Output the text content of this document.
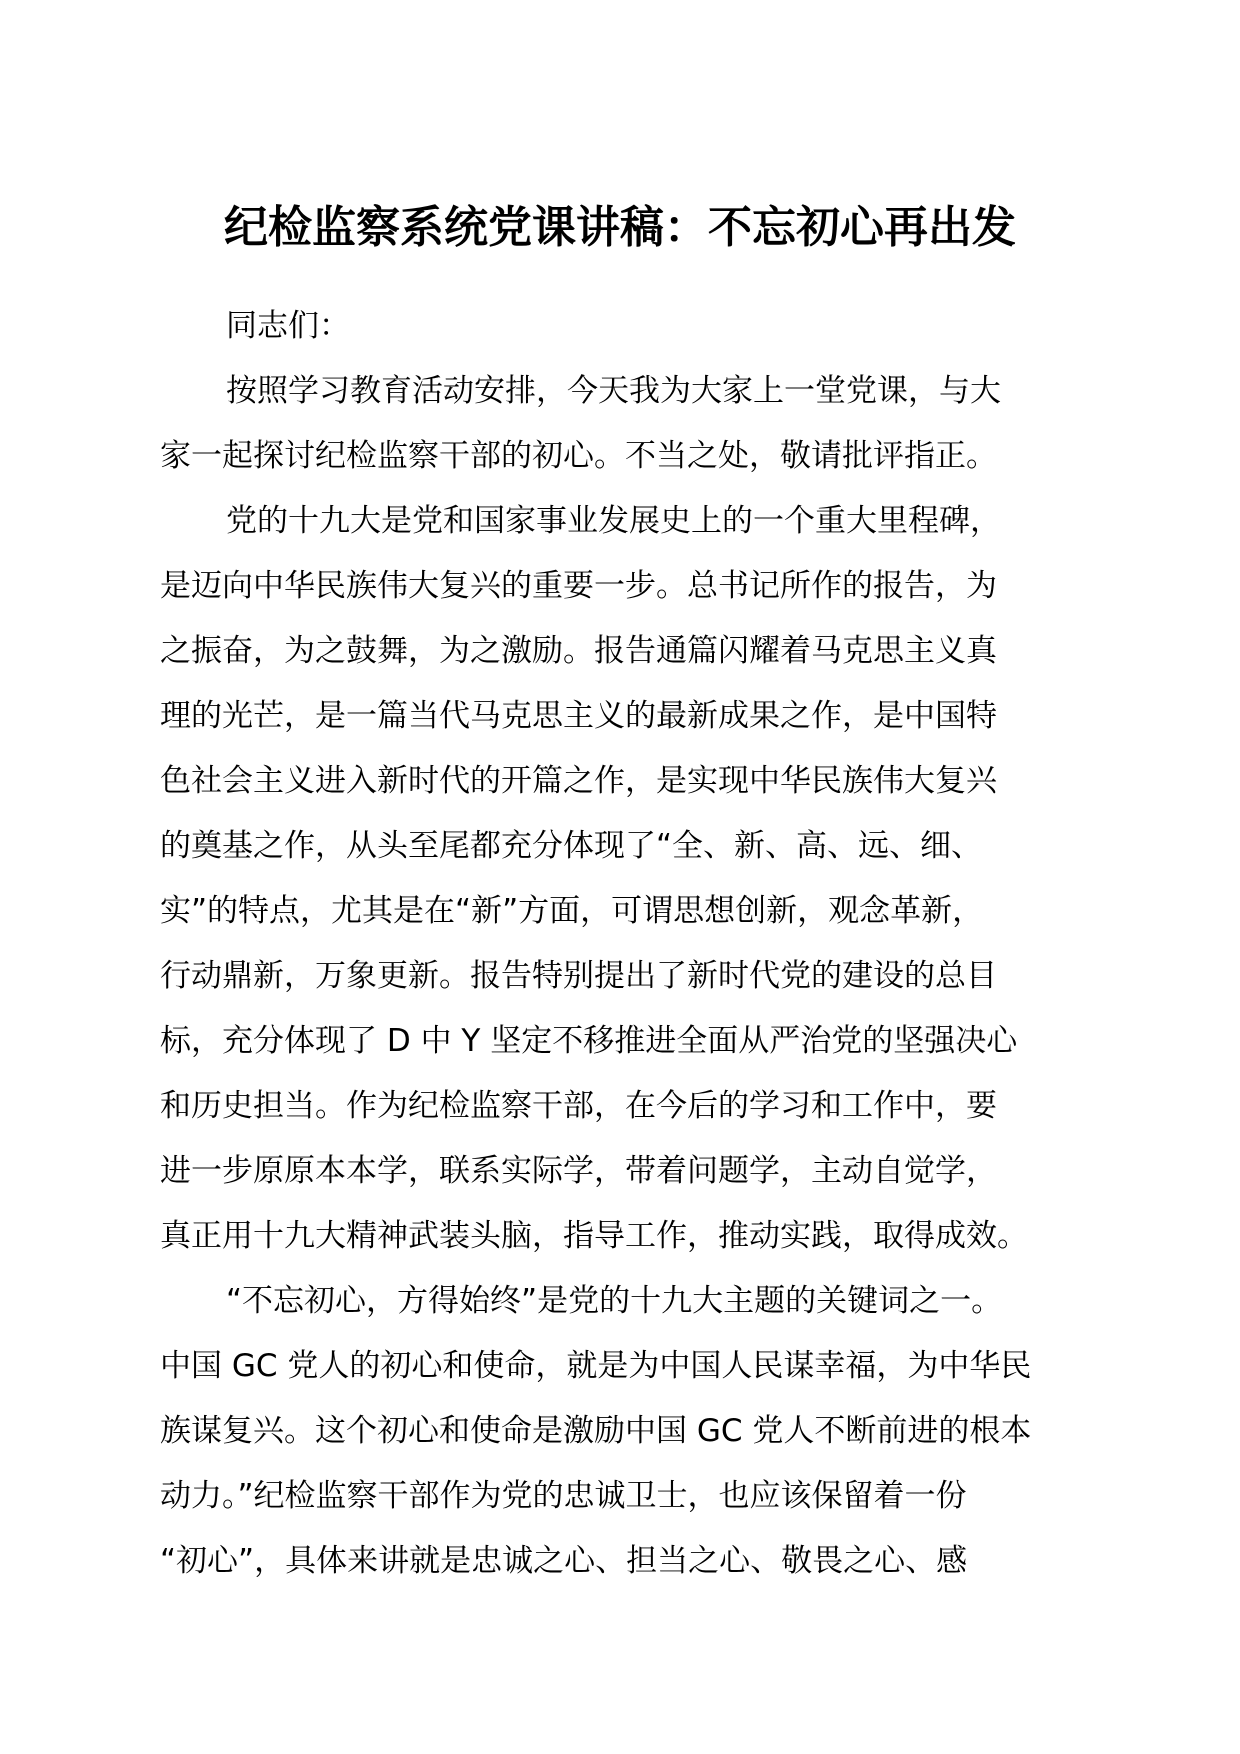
纪检监察系统党课讲稿：不忘初心再出发
同志们：
按照学习教育活动安排，今天我为大家上一堂党课，与大
家一起探讨纪检监察干部的初心。不当之处，敬请批评指正。
党的十九大是党和国家事业发展史上的一个重大里程碑，
是迈向中华民族伟大复兴的重要一步。总书记所作的报告，为
之振奋，为之鼓舞，为之激励。报告通篇闪耀着马克思主义真
理的光芒，是一篇当代马克思主义的最新成果之作，是中国特
色社会主义进入新时代的开篇之作，是实现中华民族伟大复兴
的奠基之作，从头至尾都充分体现了“全、新、高、远、细、
实”的特点，尤其是在“新”方面，可谓思想创新，观念革新，
行动鼎新，万象更新。报告特别提出了新时代党的建设的总目
标，充分体现了 D 中 Y 坚定不移推进全面从严治党的坚强决心
和历史担当。作为纪检监察干部，在今后的学习和工作中，要
进一步原原本本学，联系实际学，带着问题学，主动自觉学，
真正用十九大精神武装头脑，指导工作，推动实践，取得成效。
“不忘初心，方得始终”是党的十九大主题的关键词之一。
中国 GC 党人的初心和使命，就是为中国人民谋幸福，为中华民
族谋复兴。这个初心和使命是激励中国 GC 党人不断前进的根本
动力。”纪检监察干部作为党的忠诚卫士，也应该保留着一份
“初心”，具体来讲就是忠诚之心、担当之心、敬畏之心、感
